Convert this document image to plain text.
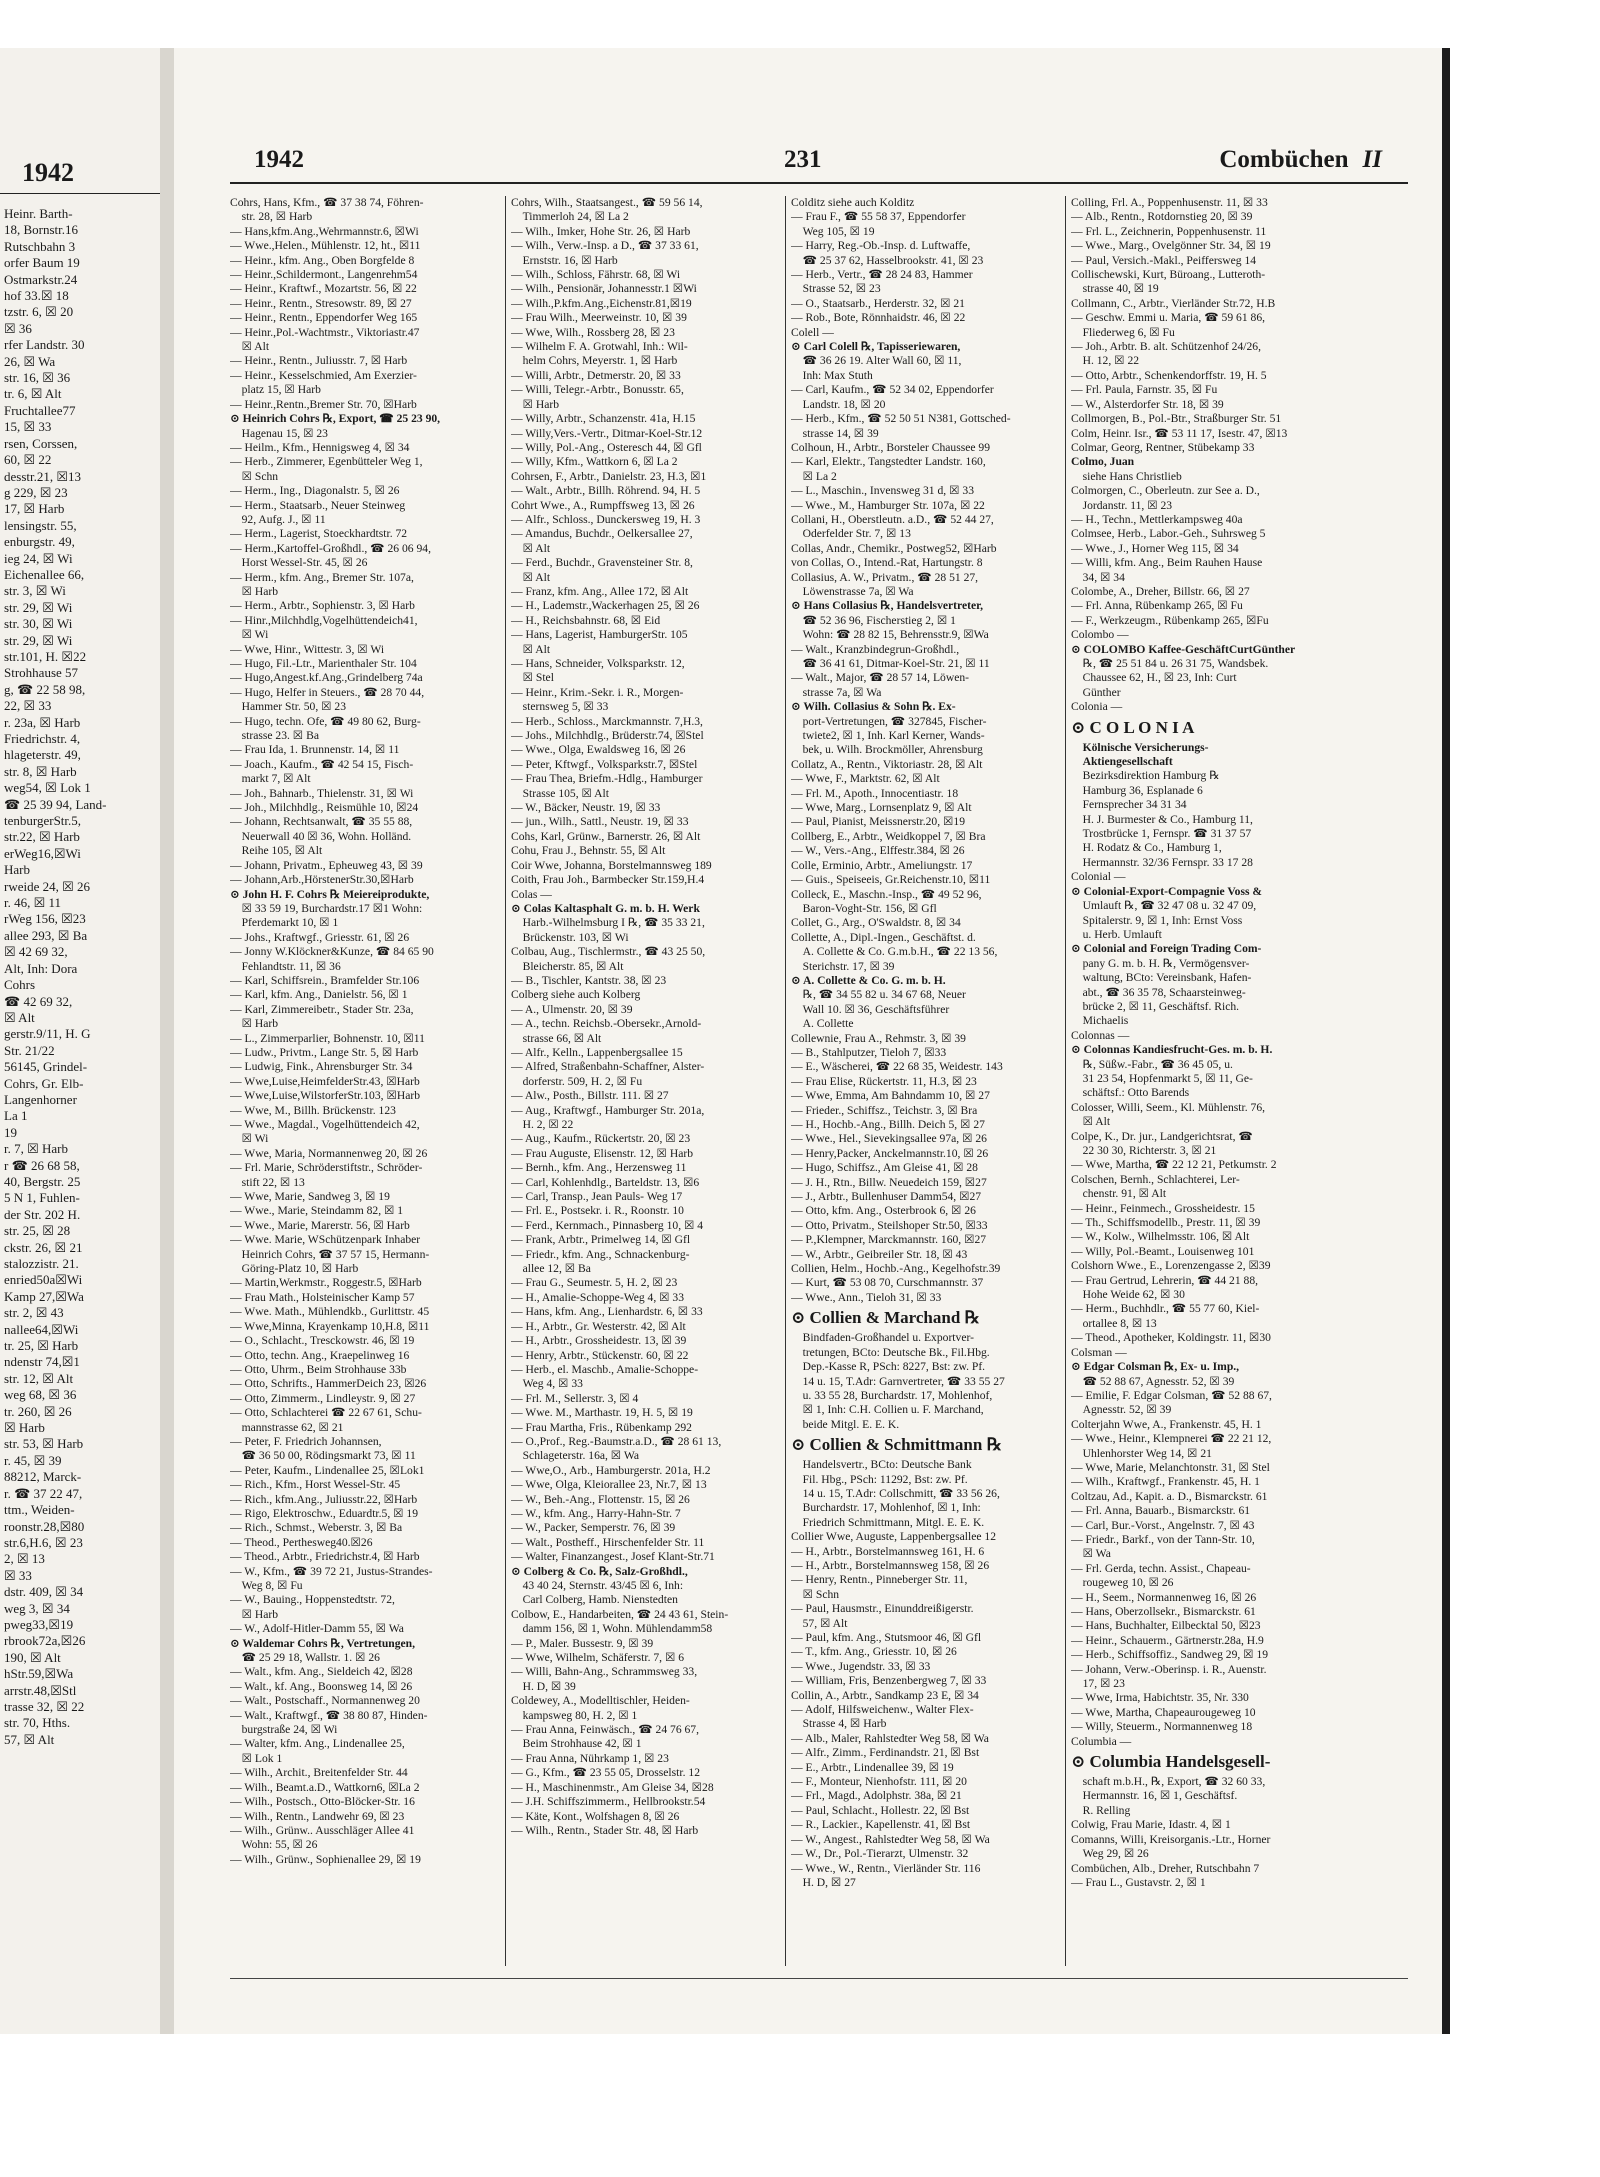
1942
Heinr. Barth-
18, Bornstr.16
Rutschbahn 3
orfer Baum 19
Ostmarkstr.24
hof 33.☒ 18
tzstr. 6, ☒ 20
☒ 36
rfer Landstr. 30
26, ☒ Wa
str. 16, ☒ 36
tr. 6, ☒ Alt
Fruchtallee77
15, ☒ 33
rsen, Corssen,
60, ☒ 22
desstr.21, ☒13
g 229, ☒ 23
17, ☒ Harb
lensingstr. 55,
enburgstr. 49,
ieg 24, ☒ Wi
Eichenallee 66,
str. 3, ☒ Wi
str. 29, ☒ Wi
str. 30, ☒ Wi
str. 29, ☒ Wi
str.101, H. ☒22
Strohhause 57
g, ☎ 22 58 98,
22, ☒ 33
r. 23a, ☒ Harb
Friedrichstr. 4,
hlageterstr. 49,
str. 8, ☒ Harb
weg54, ☒ Lok 1
☎ 25 39 94, Land-
tenburgerStr.5,
str.22, ☒ Harb
erWeg16,☒Wi
Harb
rweide 24, ☒ 26
r. 46, ☒ 11
rWeg 156, ☒23
allee 293, ☒ Ba
☒ 42 69 32,
Alt, Inh: Dora
Cohrs
☎ 42 69 32,
☒ Alt
gerstr.9/11, H. G
Str. 21/22
56145, Grindel-
Cohrs, Gr. Elb-
Langenhorner
La 1
19
r. 7, ☒ Harb
r ☎ 26 68 58,
40, Bergstr. 25
5 N 1, Fuhlen-
der Str. 202 H.
str. 25, ☒ 28
ckstr. 26, ☒ 21
stalozzistr. 21.
enried50a☒Wi
Kamp 27,☒Wa
str. 2, ☒ 43
nallee64,☒Wi
tr. 25, ☒ Harb
ndenstr 74,☒1
str. 12, ☒ Alt
weg 68, ☒ 36
tr. 260, ☒ 26
☒ Harb
str. 53, ☒ Harb
r. 45, ☒ 39
88212, Marck-
r. ☎ 37 22 47,
ttm., Weiden-
roonstr.28,☒80
str.6,H.6, ☒ 23
2, ☒ 13
☒ 33
dstr. 409, ☒ 34
weg 3, ☒ 34
pweg33,☒19
rbrook72a,☒26
190, ☒ Alt
hStr.59,☒Wa
arrstr.48,☒Stl
trasse 32, ☒ 22
str. 70, Hths.
57, ☒ Alt
1942	231	Combüchen II
Cohrs, Hans, Kfm., ☎ 37 38 74, Föhren-
 str. 28, ☒ Harb
— Hans,kfm.Ang.,Wehrmannstr.6, ☒Wi
— Wwe.,Helen., Mühlenstr. 12, ht., ☒11
— Heinr., kfm. Ang., Oben Borgfelde 8
— Heinr.,Schildermont., Langenrehm54
— Heinr., Kraftwf., Mozartstr. 56, ☒ 22
— Heinr., Rentn., Stresowstr. 89, ☒ 27
— Heinr., Rentn., Eppendorfer Weg 165
— Heinr.,Pol.-Wachtmstr., Viktoriastr.47
 ☒ Alt
— Heinr., Rentn., Juliusstr. 7, ☒ Harb
— Heinr., Kesselschmied, Am Exerzier-
 platz 15, ☒ Harb
— Heinr.,Rentn.,Bremer Str. 70, ☒Harb
⊙ Heinrich Cohrs ℞, Export, ☎ 25 23 90,
 Hagenau 15, ☒ 23
— Heilm., Kfm., Hennigsweg 4, ☒ 34
— Herb., Zimmerer, Egenbütteler Weg 1,
 ☒ Schn
— Herm., Ing., Diagonalstr. 5, ☒ 26
— Herm., Staatsarb., Neuer Steinweg
 92, Aufg. J., ☒ 11
— Herm., Lagerist, Stoeckhardtstr. 72
— Herm.,Kartoffel-Großhdl., ☎ 26 06 94,
 Horst Wessel-Str. 45, ☒ 26
— Herm., kfm. Ang., Bremer Str. 107a,
 ☒ Harb
— Herm., Arbtr., Sophienstr. 3, ☒ Harb
— Hinr.,Milchhdlg,Vogelhüttendeich41,
 ☒ Wi
— Wwe, Hinr., Wittestr. 3, ☒ Wi
— Hugo, Fil.-Ltr., Marienthaler Str. 104
— Hugo,Angest.kf.Ang.,Grindelberg 74a
— Hugo, Helfer in Steuers., ☎ 28 70 44,
 Hammer Str. 50, ☒ 23
— Hugo, techn. Ofe, ☎ 49 80 62, Burg-
 strasse 23. ☒ Ba
— Frau Ida, 1. Brunnenstr. 14, ☒ 11
— Joach., Kaufm., ☎ 42 54 15, Fisch-
 markt 7, ☒ Alt
— Joh., Bahnarb., Thielenstr. 31, ☒ Wi
— Joh., Milchhdlg., Reismühle 10, ☒24
— Johann, Rechtsanwalt, ☎ 35 55 88,
 Neuerwall 40 ☒ 36, Wohn. Holländ.
 Reihe 105, ☒ Alt
— Johann, Privatm., Epheuweg 43, ☒ 39
— Johann,Arb.,HörstenerStr.30,☒Harb
⊙ John H. F. Cohrs ℞ Meiereiprodukte,
 ☒ 33 59 19, Burchardstr.17 ☒1 Wohn:
 Pferdemarkt 10, ☒ 1
— Johs., Kraftwgf., Griesstr. 61, ☒ 26
— Jonny W.Klöckner&Kunze, ☎ 84 65 90
 Fehlandtstr. 11, ☒ 36
— Karl, Schiffsrein., Bramfelder Str.106
— Karl, kfm. Ang., Danielstr. 56, ☒ 1
— Karl, Zimmereibetr., Stader Str. 23a,
 ☒ Harb
— L., Zimmerparlier, Bohnenstr. 10, ☒11
— Ludw., Privtm., Lange Str. 5, ☒ Harb
— Ludwig, Fink., Ahrensburger Str. 34
— Wwe,Luise,HeimfelderStr.43, ☒Harb
— Wwe,Luise,WilstorferStr.103, ☒Harb
— Wwe, M., Billh. Brückenstr. 123
— Wwe., Magdal., Vogelhüttendeich 42,
 ☒ Wi
— Wwe, Maria, Normannenweg 20, ☒ 26
— Frl. Marie, Schröderstiftstr., Schröder-
 stift 22, ☒ 13
— Wwe, Marie, Sandweg 3, ☒ 19
— Wwe., Marie, Steindamm 82, ☒ 1
— Wwe., Marie, Marerstr. 56, ☒ Harb
— Wwe. Marie, WSchützenpark Inhaber
 Heinrich Cohrs, ☎ 37 57 15, Hermann-
 Göring-Platz 10, ☒ Harb
— Martin,Werkmstr., Roggestr.5, ☒Harb
— Frau Math., Holsteinischer Kamp 57
— Wwe. Math., Mühlendkb., Gurlittstr. 45
— Wwe,Minna, Krayenkamp 10,H.8, ☒11
— O., Schlacht., Tresckowstr. 46, ☒ 19
— Otto, techn. Ang., Kraepelinweg 16
— Otto, Uhrm., Beim Strohhause 33b
— Otto, Schrifts., HammerDeich 23, ☒26
— Otto, Zimmerm., Lindleystr. 9, ☒ 27
— Otto, Schlachterei ☎ 22 67 61, Schu-
 mannstrasse 62, ☒ 21
— Peter, F. Friedrich Johannsen,
 ☎ 36 50 00, Rödingsmarkt 73, ☒ 11
— Peter, Kaufm., Lindenallee 25, ☒Lok1
— Rich., Kfm., Horst Wessel-Str. 45
— Rich., kfm.Ang., Juliusstr.22, ☒Harb
— Rigo, Elektroschw., Eduardtr.5, ☒ 19
— Rich., Schmst., Weberstr. 3, ☒ Ba
— Theod., Perthesweg40.☒26
— Theod., Arbtr., Friedrichstr.4, ☒ Harb
— W., Kfm., ☎ 39 72 21, Justus-Strandes-
 Weg 8, ☒ Fu
— W., Bauing., Hoppenstedtstr. 72,
 ☒ Harb
— W., Adolf-Hitler-Damm 55, ☒ Wa
⊙ Waldemar Cohrs ℞, Vertretungen,
 ☎ 25 29 18, Wallstr. 1. ☒ 26
— Walt., kfm. Ang., Sieldeich 42, ☒28
— Walt., kf. Ang., Boonsweg 14, ☒ 26
— Walt., Postschaff., Normannenweg 20
— Walt., Kraftwgf., ☎ 38 80 87, Hinden-
 burgstraße 24, ☒ Wi
— Walter, kfm. Ang., Lindenallee 25,
 ☒ Lok 1
— Wilh., Archit., Breitenfelder Str. 44
— Wilh., Beamt.a.D., Wattkorn6, ☒La 2
— Wilh., Postsch., Otto-Blöcker-Str. 16
— Wilh., Rentn., Landwehr 69, ☒ 23
— Wilh., Grünw.. Ausschläger Allee 41
 Wohn: 55, ☒ 26
— Wilh., Grünw., Sophienallee 29, ☒ 19
Cohrs, Wilh., Staatsangest., ☎ 59 56 14,
 Timmerloh 24, ☒ La 2
— Wilh., Imker, Hohe Str. 26, ☒ Harb
— Wilh., Verw.-Insp. a D., ☎ 37 33 61,
 Ernststr. 16, ☒ Harb
— Wilh., Schloss, Fährstr. 68, ☒ Wi
— Wilh., Pensionär, Johannesstr.1 ☒Wi
— Wilh.,P.kfm.Ang.,Eichenstr.81,☒19
— Frau Wilh., Meerweinstr. 10, ☒ 39
— Wwe, Wilh., Rossberg 28, ☒ 23
— Wilhelm F. A. Grotwahl, Inh.: Wil-
 helm Cohrs, Meyerstr. 1, ☒ Harb
— Willi, Arbtr., Detmerstr. 20, ☒ 33
— Willi, Telegr.-Arbtr., Bonusstr. 65,
 ☒ Harb
— Willy, Arbtr., Schanzenstr. 41a, H.15
— Willy,Vers.-Vertr., Ditmar-Koel-Str.12
— Willy, Pol.-Ang., Osteresch 44, ☒ Gfl
— Willy, Kfm., Wattkorn 6, ☒ La 2
Cohrsen, F., Arbtr., Danielstr. 23, H.3, ☒1
— Walt., Arbtr., Billh. Röhrend. 94, H. 5
Cohrt Wwe., A., Rumpffsweg 13, ☒ 26
— Alfr., Schloss., Dunckersweg 19, H. 3
— Amandus, Buchdr., Oelkersallee 27,
 ☒ Alt
— Ferd., Buchdr., Gravensteiner Str. 8,
 ☒ Alt
— Franz, kfm. Ang., Allee 172, ☒ Alt
— H., Lademstr.,Wackerhagen 25, ☒ 26
— H., Reichsbahnstr. 68, ☒ Eid
— Hans, Lagerist, HamburgerStr. 105
 ☒ Alt
— Hans, Schneider, Volksparkstr. 12,
 ☒ Stel
— Heinr., Krim.-Sekr. i. R., Morgen-
 sternsweg 5, ☒ 33
— Herb., Schloss., Marckmannstr. 7,H.3,
— Johs., Milchhdlg., Brüderstr.74, ☒Stel
— Wwe., Olga, Ewaldsweg 16, ☒ 26
— Peter, Kftwgf., Volksparkstr.7, ☒Stel
— Frau Thea, Briefm.-Hdlg., Hamburger
 Strasse 105, ☒ Alt
— W., Bäcker, Neustr. 19, ☒ 33
— jun., Wilh., Sattl., Neustr. 19, ☒ 33
Cohs, Karl, Grünw., Barnerstr. 26, ☒ Alt
Cohu, Frau J., Behnstr. 55, ☒ Alt
Coir Wwe, Johanna, Borstelmannsweg 189
Coith, Frau Joh., Barmbecker Str.159,H.4
Colas —
⊙ Colas Kaltasphalt G. m. b. H. Werk
 Harb.-Wilhelmsburg I ℞, ☎ 35 33 21,
 Brückenstr. 103, ☒ Wi
Colbau, Aug., Tischlermstr., ☎ 43 25 50,
 Bleicherstr. 85, ☒ Alt
— B., Tischler, Kantstr. 38, ☒ 23
Colberg siehe auch Kolberg
— A., Ulmenstr. 20, ☒ 39
— A., techn. Reichsb.-Obersekr.,Arnold-
 strasse 66, ☒ Alt
— Alfr., Kelln., Lappenbergsallee 15
— Alfred, Straßenbahn-Schaffner, Alster-
 dorferstr. 509, H. 2, ☒ Fu
— Alw., Posth., Billstr. 111. ☒ 27
— Aug., Kraftwgf., Hamburger Str. 201a,
 H. 2, ☒ 22
— Aug., Kaufm., Rückertstr. 20, ☒ 23
— Frau Auguste, Elisenstr. 12, ☒ Harb
— Bernh., kfm. Ang., Herzensweg 11
— Carl, Kohlenhdlg., Barteldstr. 13, ☒6
— Carl, Transp., Jean Pauls- Weg 17
— Frl. E., Postsekr. i. R., Roonstr. 10
— Ferd., Kernmach., Pinnasberg 10, ☒ 4
— Frank, Arbtr., Primelweg 14, ☒ Gfl
— Friedr., kfm. Ang., Schnackenburg-
 allee 12, ☒ Ba
— Frau G., Seumestr. 5, H. 2, ☒ 23
— H., Amalie-Schoppe-Weg 4, ☒ 33
— Hans, kfm. Ang., Lienhardstr. 6, ☒ 33
— H., Arbtr., Gr. Westerstr. 42, ☒ Alt
— H., Arbtr., Grossheidestr. 13, ☒ 39
— Henry, Arbtr., Stückenstr. 60, ☒ 22
— Herb., el. Maschb., Amalie-Schoppe-
 Weg 4, ☒ 33
— Frl. M., Sellerstr. 3, ☒ 4
— Wwe. M., Marthastr. 19, H. 5, ☒ 19
— Frau Martha, Fris., Rübenkamp 292
— O.,Prof., Reg.-Baumstr.a.D., ☎ 28 61 13,
 Schlageterstr. 16a, ☒ Wa
— Wwe,O., Arb., Hamburgerstr. 201a, H.2
— Wwe, Olga, Kleiorallee 23, Nr.7, ☒ 13
— W., Beh.-Ang., Flottenstr. 15, ☒ 26
— W., kfm. Ang., Harry-Hahn-Str. 7
— W., Packer, Semperstr. 76, ☒ 39
— Walt., Postheff., Hirschenfelder Str. 11
— Walter, Finanzangest., Josef Klant-Str.71
⊙ Colberg & Co. ℞, Salz-Großhdl.,
 43 40 24, Sternstr. 43/45 ☒ 6, Inh:
 Carl Colberg, Hamb. Nienstedten
Colbow, E., Handarbeiten, ☎ 24 43 61, Stein-
 damm 156, ☒ 1, Wohn. Mühlendamm58
— P., Maler. Bussestr. 9, ☒ 39
— Wwe, Wilhelm, Schäferstr. 7, ☒ 6
— Willi, Bahn-Ang., Schrammsweg 33,
 H. D, ☒ 39
Coldewey, A., Modelltischler, Heiden-
 kampsweg 80, H. 2, ☒ 1
— Frau Anna, Feinwäsch., ☎ 24 76 67,
 Beim Strohhause 42, ☒ 1
— Frau Anna, Nührkamp 1, ☒ 23
— G., Kfm., ☎ 23 55 05, Drosselstr. 12
— H., Maschinenmstr., Am Gleise 34, ☒28
— J.H. Schiffszimmerm., Hellbrookstr.54
— Käte, Kont., Wolfshagen 8, ☒ 26
— Wilh., Rentn., Stader Str. 48, ☒ Harb
Colditz siehe auch Kolditz
— Frau F., ☎ 55 58 37, Eppendorfer
 Weg 105, ☒ 19
— Harry, Reg.-Ob.-Insp. d. Luftwaffe,
 ☎ 25 37 62, Hasselbrookstr. 41, ☒ 23
— Herb., Vertr., ☎ 28 24 83, Hammer
 Strasse 52, ☒ 23
— O., Staatsarb., Herderstr. 32, ☒ 21
— Rob., Bote, Rönnhaidstr. 46, ☒ 22
Colell —
⊙ Carl Colell ℞, Tapisseriewaren,
 ☎ 36 26 19. Alter Wall 60, ☒ 11,
 Inh: Max Stuth
— Carl, Kaufm., ☎ 52 34 02, Eppendorfer
 Landstr. 18, ☒ 20
— Herb., Kfm., ☎ 52 50 51 N381, Gottsched-
 strasse 14, ☒ 39
Colhoun, H., Arbtr., Borsteler Chaussee 99
— Karl, Elektr., Tangstedter Landstr. 160,
 ☒ La 2
— L., Maschin., Invensweg 31 d, ☒ 33
— Wwe., M., Hamburger Str. 107a, ☒ 22
Collani, H., Oberstleutn. a.D., ☎ 52 44 27,
 Oderfelder Str. 7, ☒ 13
Collas, Andr., Chemikr., Postweg52, ☒Harb
von Collas, O., Intend.-Rat, Hartungstr. 8
Collasius, A. W., Privatm., ☎ 28 51 27,
 Löwenstrasse 7a, ☒ Wa
⊙ Hans Collasius ℞, Handelsvertreter,
 ☎ 52 36 96, Fischerstieg 2, ☒ 1
 Wohn: ☎ 28 82 15, Behrensstr.9, ☒Wa
— Walt., Kranzbindegrun-Großhdl.,
 ☎ 36 41 61, Ditmar-Koel-Str. 21, ☒ 11
— Walt., Major, ☎ 28 57 14, Löwen-
 strasse 7a, ☒ Wa
⊙ Wilh. Collasius & Sohn ℞. Ex-
 port-Vertretungen, ☎ 327845, Fischer-
 twiete2, ☒ 1, Inh. Karl Kerner, Wands-
 bek, u. Wilh. Brockmöller, Ahrensburg
Collatz, A., Rentn., Viktoriastr. 28, ☒ Alt
— Wwe, F., Marktstr. 62, ☒ Alt
— Frl. M., Apoth., Innocentiastr. 18
— Wwe, Marg., Lornsenplatz 9, ☒ Alt
— Paul, Pianist, Meissnerstr.20, ☒19
Collberg, E., Arbtr., Weidkoppel 7, ☒ Bra
— W., Vers.-Ang., Elffestr.384, ☒ 26
Colle, Erminio, Arbtr., Ameliungstr. 17
— Guis., Speiseeis, Gr.Reichenstr.10, ☒11
Colleck, E., Maschn.-Insp., ☎ 49 52 96,
 Baron-Voght-Str. 156, ☒ Gfl
Collet, G., Arg., O'Swaldstr. 8, ☒ 34
Collette, A., Dipl.-Ingen., Geschäftst. d.
 A. Collette & Co. G.m.b.H., ☎ 22 13 56,
 Sterichstr. 17, ☒ 39
⊙ A. Collette & Co. G. m. b. H.
 ℞, ☎ 34 55 82 u. 34 67 68, Neuer
 Wall 10. ☒ 36, Geschäftsführer
 A. Collette
Collewnie, Frau A., Rehmstr. 3, ☒ 39
— B., Stahlputzer, Tieloh 7, ☒33
— E., Wäscherei, ☎ 22 68 35, Weidestr. 143
— Frau Elise, Rückertstr. 11, H.3, ☒ 23
— Wwe, Emma, Am Bahndamm 10, ☒ 27
— Frieder., Schiffsz., Teichstr. 3, ☒ Bra
— H., Hochb.-Ang., Billh. Deich 5, ☒ 27
— Wwe., Hel., Sievekingsallee 97a, ☒ 26
— Henry,Packer, Anckelmannstr.10, ☒ 26
— Hugo, Schiffsz., Am Gleise 41, ☒ 28
— J. H., Rtn., Billw. Neuedeich 159, ☒27
— J., Arbtr., Bullenhuser Damm54, ☒27
— Otto, kfm. Ang., Osterbrook 6, ☒ 26
— Otto, Privatm., Steilshoper Str.50, ☒33
— P.,Klempner, Marckmannstr. 160, ☒27
— W., Arbtr., Geibreiler Str. 18, ☒ 43
Collien, Helm., Hochb.-Ang., Kegelhofstr.39
— Kurt, ☎ 53 08 70, Curschmannstr. 37
— Wwe., Ann., Tieloh 31, ☒ 33
⊙ Collien & Marchand ℞
 Bindfaden-Großhandel u. Exportver-
 tretungen, BCto: Deutsche Bk., Fil.Hbg.
 Dep.-Kasse R, PSch: 8227, Bst: zw. Pf.
 14 u. 15, T.Adr: Garnvertreter, ☎ 33 55 27
 u. 33 55 28, Burchardstr. 17, Mohlenhof,
 ☒ 1, Inh: C.H. Collien u. F. Marchand,
 beide Mitgl. E. E. K.
⊙ Collien & Schmittmann ℞
 Handelsvertr., BCto: Deutsche Bank
 Fil. Hbg., PSch: 11292, Bst: zw. Pf.
 14 u. 15, T.Adr: Collschmitt, ☎ 33 56 26,
 Burchardstr. 17, Mohlenhof, ☒ 1, Inh:
 Friedrich Schmittmann, Mitgl. E. E. K.
Collier Wwe, Auguste, Lappenbergsallee 12
— H., Arbtr., Borstelmannsweg 161, H. 6
— H., Arbtr., Borstelmannsweg 158, ☒ 26
— Henry, Rentn., Pinneberger Str. 11,
 ☒ Schn
— Paul, Hausmstr., Einunddreißigerstr.
 57, ☒ Alt
— Paul, kfm. Ang., Stutsmoor 46, ☒ Gfl
— T., kfm. Ang., Griesstr. 10, ☒ 26
— Wwe., Jugendstr. 33, ☒ 33
— William, Fris, Benzenbergweg 7, ☒ 33
Collin, A., Arbtr., Sandkamp 23 E, ☒ 34
— Adolf, Hilfsweichenw., Walter Flex-
 Strasse 4, ☒ Harb
— Alb., Maler, Rahlstedter Weg 58, ☒ Wa
— Alfr., Zimm., Ferdinandstr. 21, ☒ Bst
— E., Arbtr., Lindenallee 39, ☒ 19
— F., Monteur, Nienhofstr. 111, ☒ 20
— Frl., Magd., Adolphstr. 38a, ☒ 21
— Paul, Schlacht., Hollestr. 22, ☒ Bst
— R., Lackier., Kapellenstr. 41, ☒ Bst
— W., Angest., Rahlstedter Weg 58, ☒ Wa
— W., Dr., Pol.-Tierarzt, Ulmenstr. 32
— Wwe., W., Rentn., Vierländer Str. 116
 H. D, ☒ 27
Colling, Frl. A., Poppenhusenstr. 11, ☒ 33
— Alb., Rentn., Rotdornstieg 20, ☒ 39
— Frl. L., Zeichnerin, Poppenhusenstr. 11
— Wwe., Marg., Ovelgönner Str. 34, ☒ 19
— Paul, Versich.-Makl., Peiffersweg 14
Collischewski, Kurt, Büroang., Lutteroth-
 strasse 40, ☒ 19
Collmann, C., Arbtr., Vierländer Str.72, H.B
— Geschw. Emmi u. Maria, ☎ 59 61 86,
 Fliederweg 6, ☒ Fu
— Joh., Arbtr. B. alt. Schützenhof 24/26,
 H. 12, ☒ 22
— Otto, Arbtr., Schenkendorffstr. 19, H. 5
— Frl. Paula, Farnstr. 35, ☒ Fu
— W., Alsterdorfer Str. 18, ☒ 39
Collmorgen, B., Pol.-Btr., Straßburger Str. 51
Colm, Heinr. Isr., ☎ 53 11 17, Isestr. 47, ☒13
Colmar, Georg, Rentner, Stübekamp 33
Colmo, Juan
 siehe Hans Christlieb
Colmorgen, C., Oberleutn. zur See a. D.,
 Jordanstr. 11, ☒ 23
— H., Techn., Mettlerkampsweg 40a
Colmsee, Herb., Labor.-Geh., Suhrsweg 5
— Wwe., J., Horner Weg 115, ☒ 34
— Willi, kfm. Ang., Beim Rauhen Hause
 34, ☒ 34
Colombe, A., Dreher, Billstr. 66, ☒ 27
— Frl. Anna, Rübenkamp 265, ☒ Fu
— F., Werkzeugm., Rübenkamp 265, ☒Fu
Colombo —
⊙ COLOMBO Kaffee-GeschäftCurtGünther
 ℞, ☎ 25 51 84 u. 26 31 75, Wandsbek.
 Chaussee 62, H., ☒ 23, Inh: Curt
 Günther
Colonia —
⊙ C O L O N I A
 Kölnische Versicherungs-
 Aktiengesellschaft
 Bezirksdirektion Hamburg ℞
 Hamburg 36, Esplanade 6
 Fernsprecher 34 31 34
 H. J. Burmester & Co., Hamburg 11,
 Trostbrücke 1, Fernspr. ☎ 31 37 57
 H. Rodatz & Co., Hamburg 1,
 Hermannstr. 32/36 Fernspr. 33 17 28
Colonial —
⊙ Colonial-Export-Compagnie Voss &
 Umlauft ℞, ☎ 32 47 08 u. 32 47 09,
 Spitalerstr. 9, ☒ 1, Inh: Ernst Voss
 u. Herb. Umlauft
⊙ Colonial and Foreign Trading Com-
 pany G. m. b. H. ℞, Vermögensver-
 waltung, BCto: Vereinsbank, Hafen-
 abt., ☎ 36 35 78, Schaarsteinweg-
 brücke 2, ☒ 11, Geschäftsf. Rich.
 Michaelis
Colonnas —
⊙ Colonnas Kandiesfrucht-Ges. m. b. H.
 ℞, Süßw.-Fabr., ☎ 36 45 05, u.
 31 23 54, Hopfenmarkt 5, ☒ 11, Ge-
 schäftsf.: Otto Barends
Colosser, Willi, Seem., Kl. Mühlenstr. 76,
 ☒ Alt
Colpe, K., Dr. jur., Landgerichtsrat, ☎
 22 30 30, Richterstr. 3, ☒ 21
— Wwe, Martha, ☎ 22 12 21, Petkumstr. 2
Colschen, Bernh., Schlachterei, Ler-
 chenstr. 91, ☒ Alt
— Heinr., Feinmech., Grossheidestr. 15
— Th., Schiffsmodellb., Prestr. 11, ☒ 39
— W., Kolw., Wilhelmsstr. 106, ☒ Alt
— Willy, Pol.-Beamt., Louisenweg 101
Colshorn Wwe., E., Lorenzengasse 2, ☒39
— Frau Gertrud, Lehrerin, ☎ 44 21 88,
 Hohe Weide 62, ☒ 30
— Herm., Buchhdlr., ☎ 55 77 60, Kiel-
 ortallee 8, ☒ 13
— Theod., Apotheker, Koldingstr. 11, ☒30
Colsman —
⊙ Edgar Colsman ℞, Ex- u. Imp.,
 ☎ 52 88 67, Agnesstr. 52, ☒ 39
— Emilie, F. Edgar Colsman, ☎ 52 88 67,
 Agnesstr. 52, ☒ 39
Colterjahn Wwe, A., Frankenstr. 45, H. 1
— Wwe., Heinr., Klempnerei ☎ 22 21 12,
 Uhlenhorster Weg 14, ☒ 21
— Wwe, Marie, Melanchtonstr. 31, ☒ Stel
— Wilh., Kraftwgf., Frankenstr. 45, H. 1
Coltzau, Ad., Kapit. a. D., Bismarckstr. 61
— Frl. Anna, Bauarb., Bismarckstr. 61
— Carl, Bur.-Vorst., Angelnstr. 7, ☒ 43
— Friedr., Barkf., von der Tann-Str. 10,
 ☒ Wa
— Frl. Gerda, techn. Assist., Chapeau-
 rougeweg 10, ☒ 26
— H., Seem., Normannenweg 16, ☒ 26
— Hans, Oberzollsekr., Bismarckstr. 61
— Hans, Buchhalter, Eilbecktal 50, ☒23
— Heinr., Schauerm., Gärtnerstr.28a, H.9
— Herb., Schiffsoffiz., Sandweg 29, ☒ 19
— Johann, Verw.-Oberinsp. i. R., Auenstr.
 17, ☒ 23
— Wwe, Irma, Habichtstr. 35, Nr. 330
— Wwe, Martha, Chapeaurougeweg 10
— Willy, Steuerm., Normannenweg 18
Columbia —
⊙ Columbia Handelsgesell-
 schaft m.b.H., ℞, Export, ☎ 32 60 33,
 Hermannstr. 16, ☒ 1, Geschäftsf.
 R. Relling
Colwig, Frau Marie, Idastr. 4, ☒ 1
Comanns, Willi, Kreisorganis.-Ltr., Horner
 Weg 29, ☒ 26
Combüchen, Alb., Dreher, Rutschbahn 7
— Frau L., Gustavstr. 2, ☒ 1
